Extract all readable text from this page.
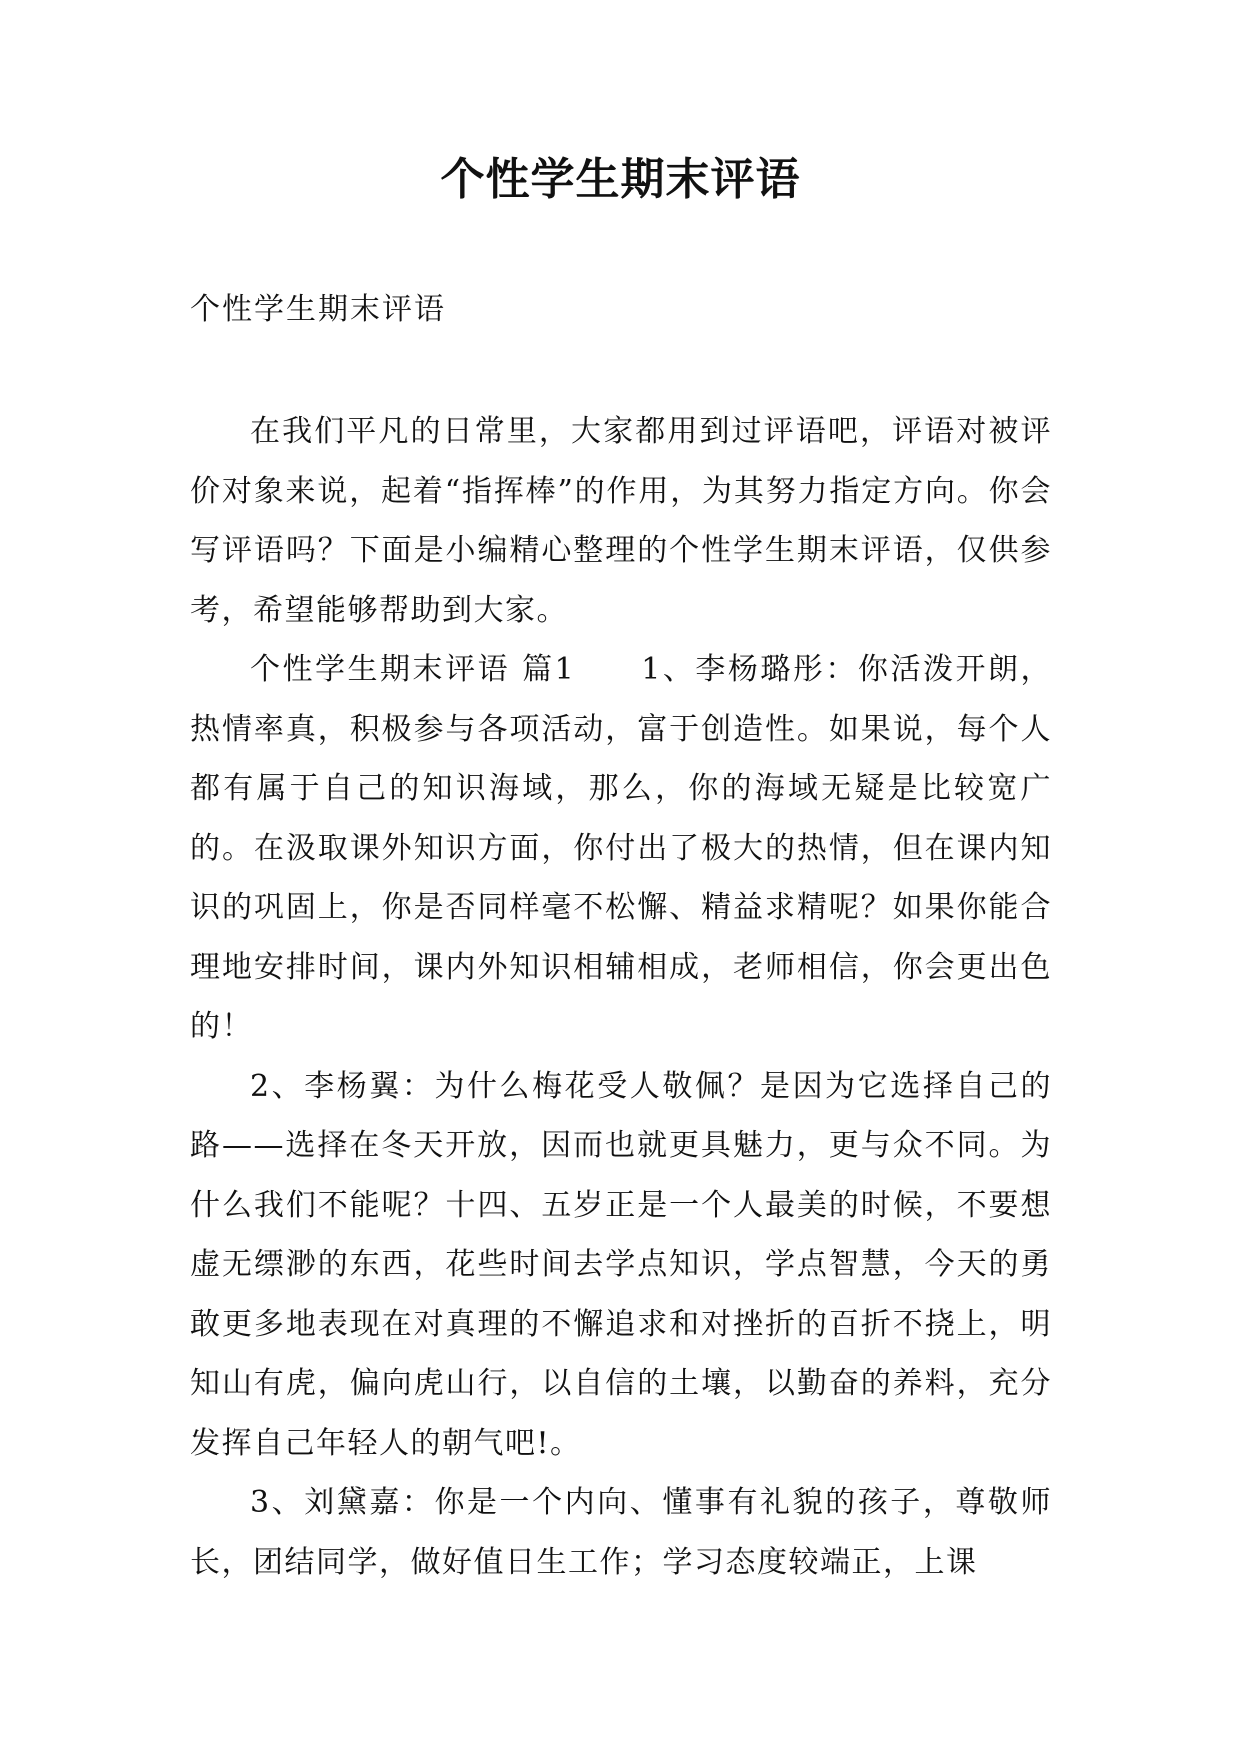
个性学生期末评语
个性学生期末评语

在我们平凡的日常里，大家都用到过评语吧，评语对被评价对象来说，起着“指挥棒”的作用，为其努力指定方向。你会写评语吗？下面是小编精心整理的个性学生期末评语，仅供参考，希望能够帮助到大家。

个性学生期末评语 篇1　　1、李杨璐彤：你活泼开朗，热情率真，积极参与各项活动，富于创造性。如果说，每个人都有属于自己的知识海域，那么，你的海域无疑是比较宽广的。在汲取课外知识方面，你付出了极大的热情，但在课内知识的巩固上，你是否同样毫不松懈、精益求精呢？如果你能合理地安排时间，课内外知识相辅相成，老师相信，你会更出色的！

2、李杨翼：为什么梅花受人敬佩？是因为它选择自己的路——选择在冬天开放，因而也就更具魅力，更与众不同。为什么我们不能呢？十四、五岁正是一个人最美的时候，不要想虚无缥渺的东西，花些时间去学点知识，学点智慧，今天的勇敢更多地表现在对真理的不懈追求和对挫折的百折不挠上，明知山有虎，偏向虎山行，以自信的土壤，以勤奋的养料，充分发挥自己年轻人的朝气吧!。

3、刘黛嘉：你是一个内向、懂事有礼貌的孩子，尊敬师长，团结同学，做好值日生工作；学习态度较端正，上课
